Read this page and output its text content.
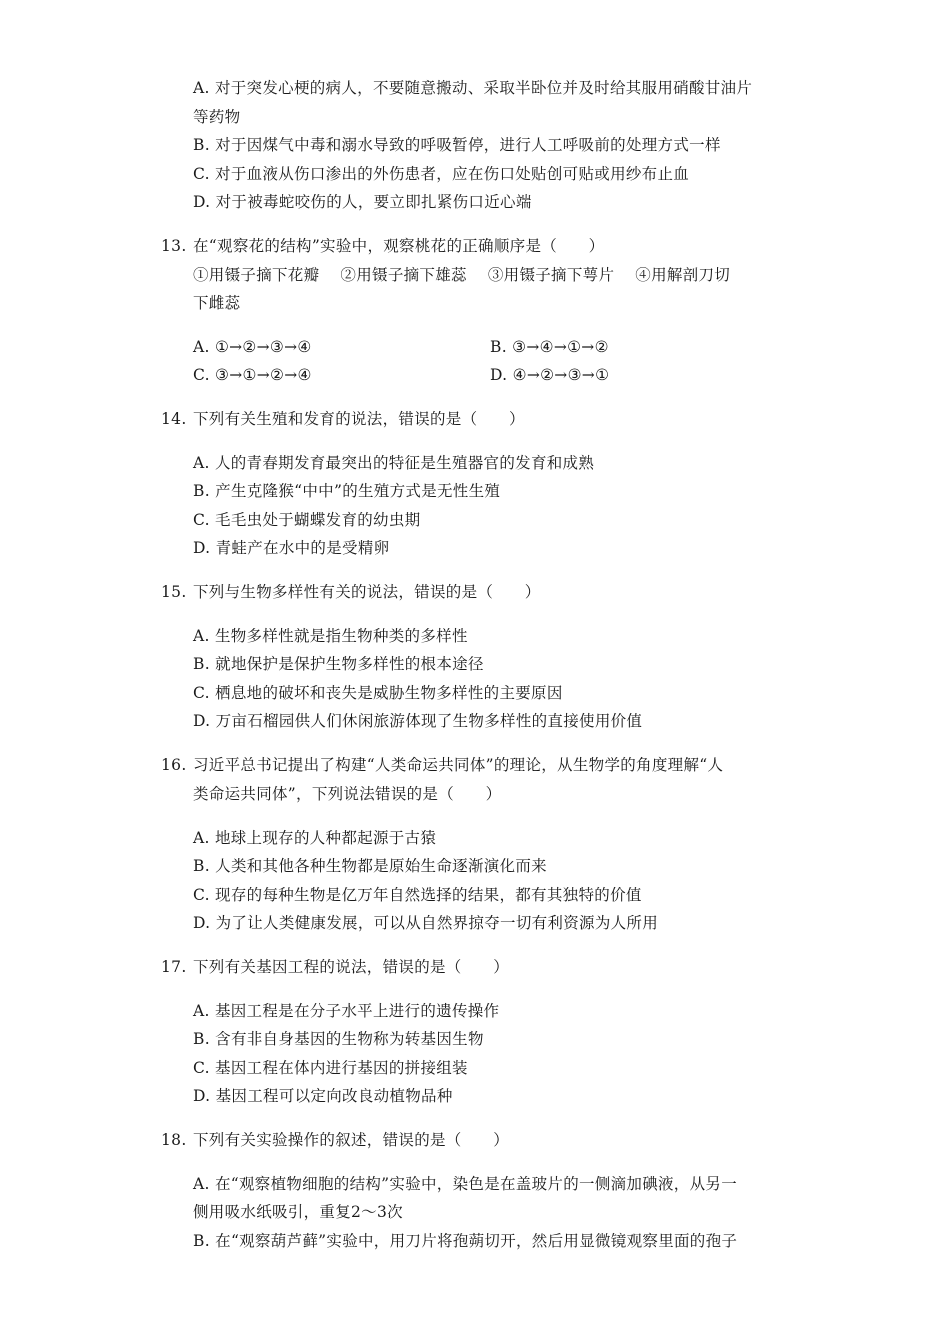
A. 对于突发心梗的病人，不要随意搬动、采取半卧位并及时给其服用硝酸甘油片
等药物
B. 对于因煤气中毒和溺水导致的呼吸暂停，进行人工呼吸前的处理方式一样
C. 对于血液从伤口渗出的外伤患者，应在伤口处贴创可贴或用纱布止血
D. 对于被毒蛇咬伤的人，要立即扎紧伤口近心端
13. 在“观察花的结构”实验中，观察桃花的正确顺序是（　　）
①用镊子摘下花瓣　 ②用镊子摘下雄蕊　 ③用镊子摘下萼片　 ④用解剖刀切
下雌蕊
A. ①→②→③→④	B. ③→④→①→②
C. ③→①→②→④	D. ④→②→③→①
14. 下列有关生殖和发育的说法，错误的是（　　）
A. 人的青春期发育最突出的特征是生殖器官的发育和成熟
B. 产生克隆猴“中中”的生殖方式是无性生殖
C. 毛毛虫处于蝴蝶发育的幼虫期
D. 青蛙产在水中的是受精卵
15. 下列与生物多样性有关的说法，错误的是（　　）
A. 生物多样性就是指生物种类的多样性
B. 就地保护是保护生物多样性的根本途径
C. 栖息地的破坏和丧失是威胁生物多样性的主要原因
D. 万亩石榴园供人们休闲旅游体现了生物多样性的直接使用价值
16. 习近平总书记提出了构建“人类命运共同体”的理论，从生物学的角度理解“人
类命运共同体”，下列说法错误的是（　　）
A. 地球上现存的人种都起源于古猿
B. 人类和其他各种生物都是原始生命逐渐演化而来
C. 现存的每种生物是亿万年自然选择的结果，都有其独特的价值
D. 为了让人类健康发展，可以从自然界掠夺一切有利资源为人所用
17. 下列有关基因工程的说法，错误的是（　　）
A. 基因工程是在分子水平上进行的遗传操作
B. 含有非自身基因的生物称为转基因生物
C. 基因工程在体内进行基因的拼接组装
D. 基因工程可以定向改良动植物品种
18. 下列有关实验操作的叙述，错误的是（　　）
A. 在“观察植物细胞的结构”实验中，染色是在盖玻片的一侧滴加碘液，从另一
侧用吸水纸吸引，重复2～3次
B. 在“观察葫芦藓”实验中，用刀片将孢蒴切开，然后用显微镜观察里面的孢子
